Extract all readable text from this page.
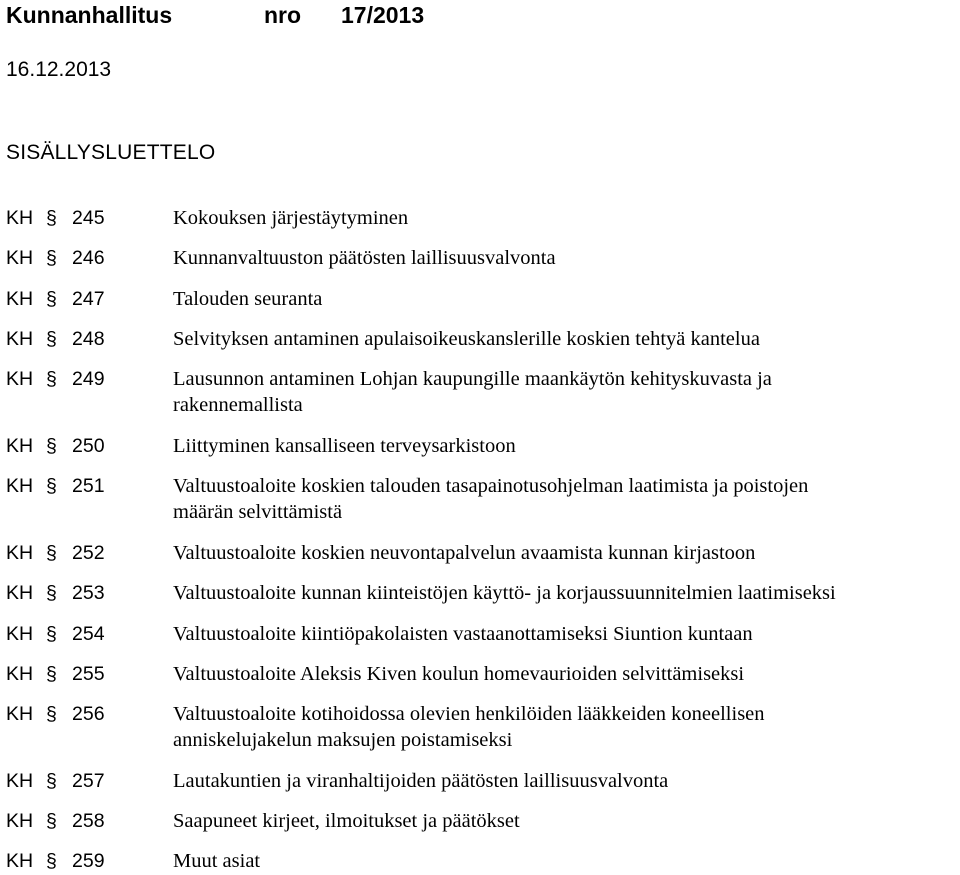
Kunnanhallitus	nro 17/2013
16.12.2013
SISÄLLYSLUETTELO
KH § 245	Kokouksen järjestäytyminen
KH § 246	Kunnanvaltuuston päätösten laillisuusvalvonta
KH § 247	Talouden seuranta
KH § 248	Selvityksen antaminen apulaisoikeuskanslerille koskien tehtyä kantelua
KH § 249	Lausunnon antaminen Lohjan kaupungille maankäytön kehityskuvasta ja
rakennemallista
KH § 250	Liittyminen kansalliseen terveysarkistoon
KH § 251	Valtuustoaloite koskien talouden tasapainotusohjelman laatimista ja poistojen
määrän selvittämistä
KH § 252	Valtuustoaloite koskien neuvontapalvelun avaamista kunnan kirjastoon
KH § 253	Valtuustoaloite kunnan kiinteistöjen käyttö- ja korjaussuunnitelmien laatimiseksi
KH § 254	Valtuustoaloite kiintiöpakolaisten vastaanottamiseksi Siuntion kuntaan
KH § 255	Valtuustoaloite Aleksis Kiven koulun homevaurioiden selvittämiseksi
KH § 256	Valtuustoaloite kotihoidossa olevien henkilöiden lääkkeiden koneellisen
anniskelujakelun maksujen poistamiseksi
KH § 257	Lautakuntien ja viranhaltijoiden päätösten laillisuusvalvonta
KH § 258	Saapuneet kirjeet, ilmoitukset ja päätökset
KH § 259	Muut asiat
